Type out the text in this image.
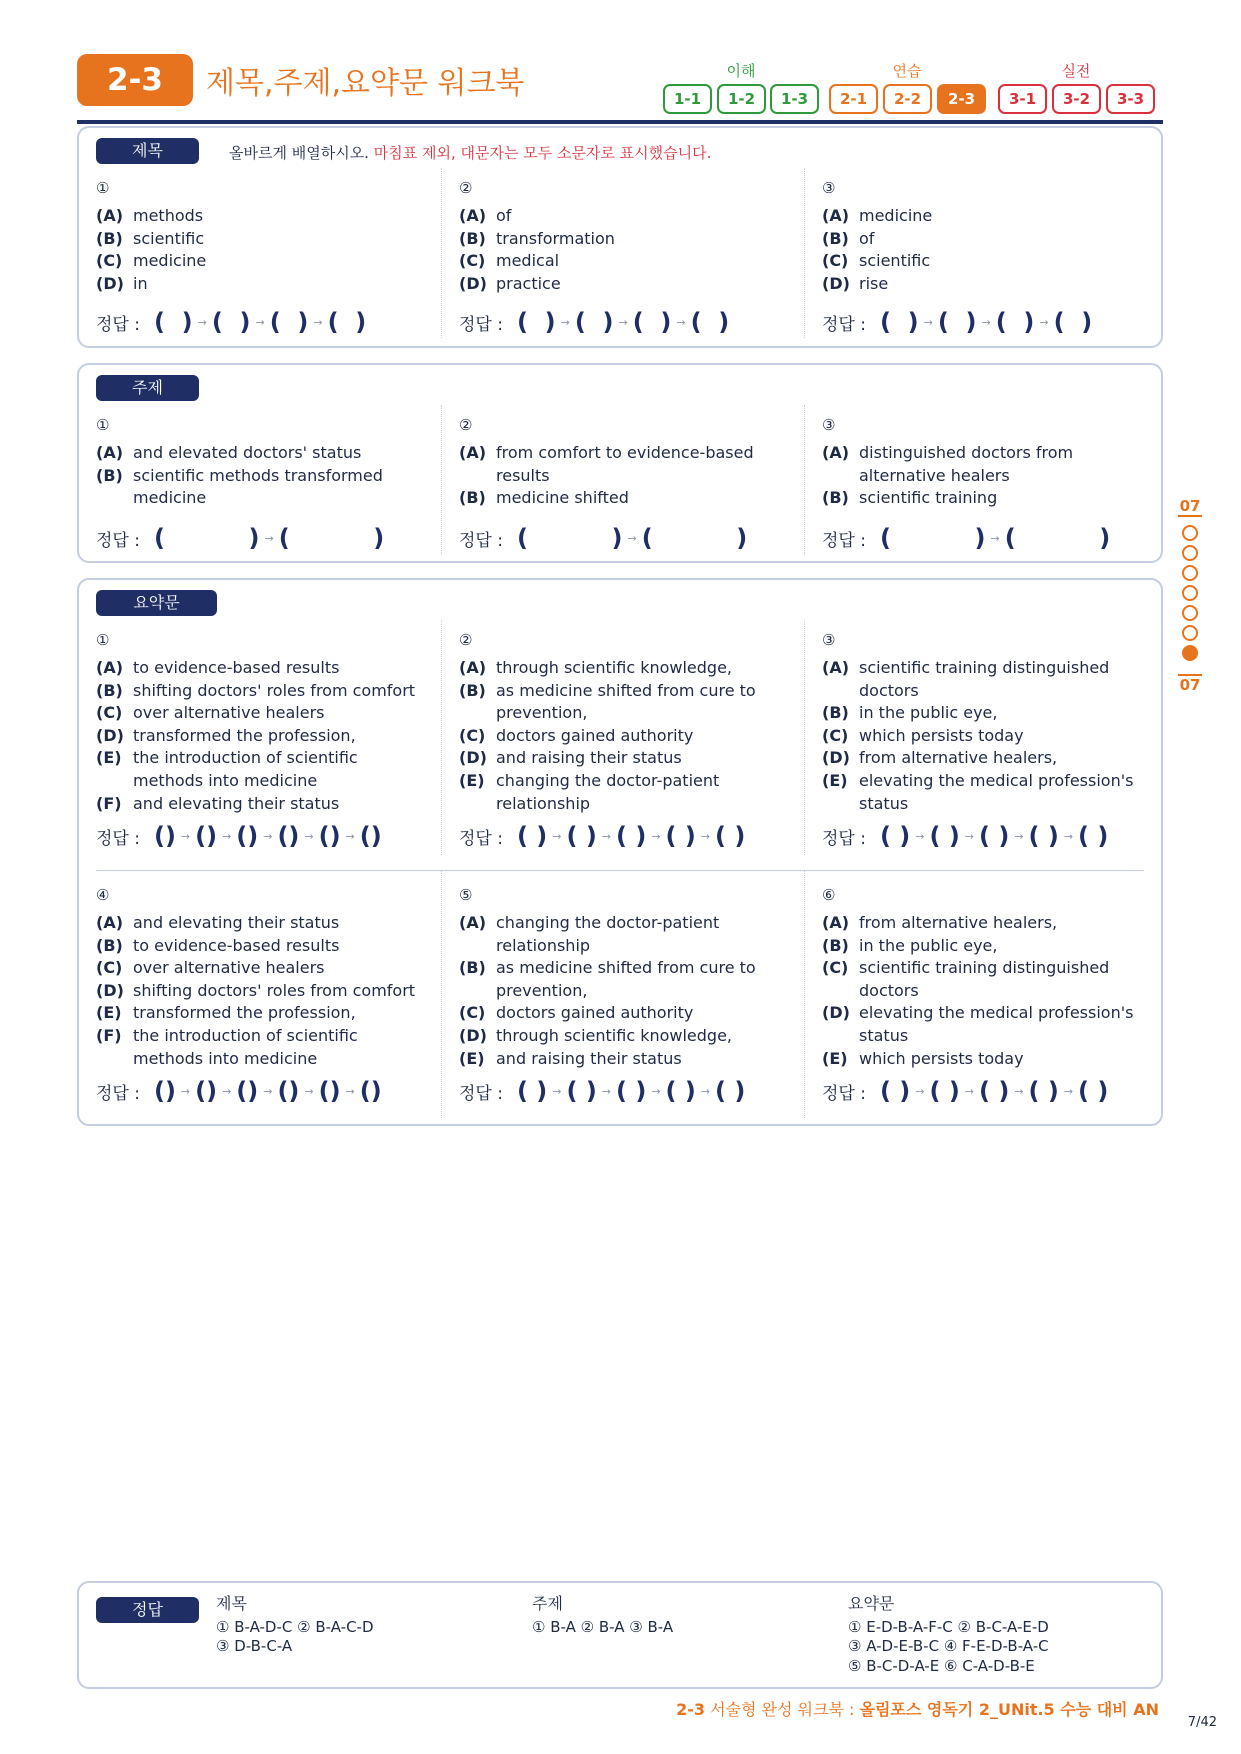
2-3	제목,주제,요약문 워크북	이해	연습	실전
1-1	1-2	1-3	2-1	2-2	2-3	3-1	3-2	3-3
제목	올바르게 배열하시오. 마침표 제외, 대문자는 모두 소문자로 표시했습니다.
①
(A) methods
(B) scientific
(C) medicine
(D) in
②
(A) of
(B) transformation
(C) medical
(D) practice
③
(A) medicine
(B) of
(C) scientific
(D) rise
정답 : (  ) → (  ) → (  ) → (  )	정답 : (  ) → (  ) → (  ) → (  )	정답 : (  ) → (  ) → (  ) → (  )
주제
①
(A) and elevated doctors' status
(B) scientific methods transformed medicine
②
(A) from comfort to evidence-based results
(B) medicine shifted
③
(A) distinguished doctors from alternative healers
(B) scientific training
정답 : (          ) → (          )	정답 : (          ) → (          )	정답 : (          ) → (          )
요약문
①
(A) to evidence-based results
(B) shifting doctors' roles from comfort
(C) over alternative healers
(D) transformed the profession,
(E) the introduction of scientific methods into medicine
(F) and elevating their status
②
(A) through scientific knowledge,
(B) as medicine shifted from cure to prevention,
(C) doctors gained authority
(D) and raising their status
(E) changing the doctor-patient relationship
③
(A) scientific training distinguished doctors
(B) in the public eye,
(C) which persists today
(D) from alternative healers,
(E) elevating the medical profession's status
정답 : () → () → () → () → () → ()	정답 : ( ) → ( ) → ( ) → ( ) → ( )	정답 : ( ) → ( ) → ( ) → ( ) → ( )
④
(A) and elevating their status
(B) to evidence-based results
(C) over alternative healers
(D) shifting doctors' roles from comfort
(E) transformed the profession,
(F) the introduction of scientific methods into medicine
⑤
(A) changing the doctor-patient relationship
(B) as medicine shifted from cure to prevention,
(C) doctors gained authority
(D) through scientific knowledge,
(E) and raising their status
⑥
(A) from alternative healers,
(B) in the public eye,
(C) scientific training distinguished doctors
(D) elevating the medical profession's status
(E) which persists today
정답 : () → () → () → () → () → ()	정답 : ( ) → ( ) → ( ) → ( ) → ( )	정답 : ( ) → ( ) → ( ) → ( ) → ( )
07
07
정답	제목
① B-A-D-C ② B-A-C-D
③ D-B-C-A
주제
① B-A ② B-A ③ B-A
요약문
① E-D-B-A-F-C ② B-C-A-E-D
③ A-D-E-B-C ④ F-E-D-B-A-C
⑤ B-C-D-A-E ⑥ C-A-D-B-E
2-3 서술형 완성 워크북 : 올림포스 영독기 2_UNit.5 수능 대비 AN
7/42
